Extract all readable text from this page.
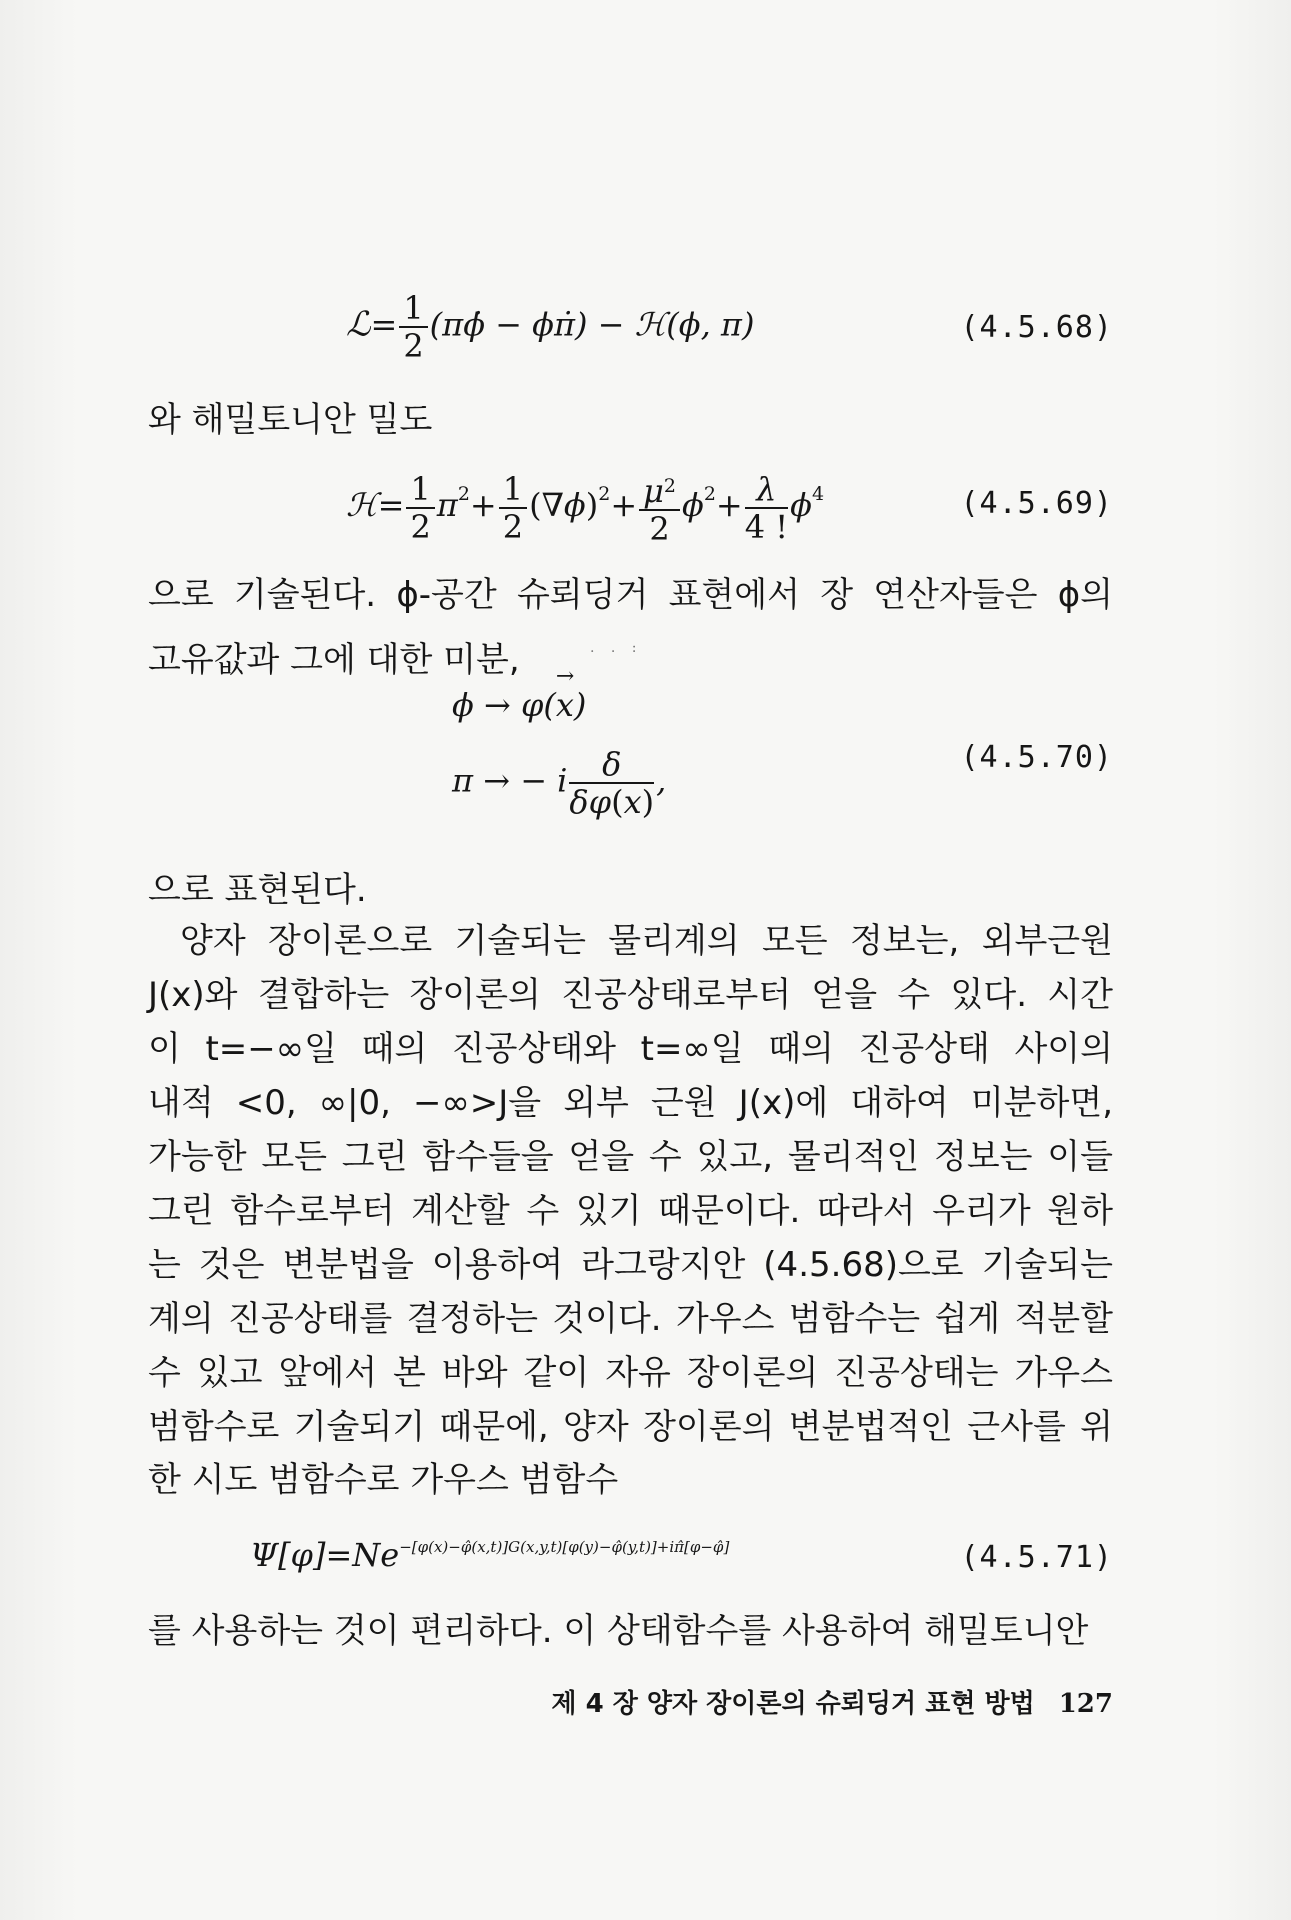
ℒ= $\frac{1}{2}$ (πϕ̇ − ϕπ̇) − ℋ(ϕ, π)	(4.5.68)
와 해밀토니안 밀도
ℋ= $\frac{1}{2} \pi^2+ \frac{1}{2} (\nabla\phi)^2+ \frac{\mu^2}{2} \phi^2+ \frac{\lambda}{4 !} \phi^4$	(4.5.69)
으로 기술된다. ϕ-공간 슈뢰딩거 표현에서 장 연산자들은 ϕ의
고유값과 그에 대한 미분,	. . :
ϕ → φ(x
→
)
π → − i $\frac{\delta}{\delta\varphi(x)}$ ,
(4.5.70)
으로 표현된다.
양자 장이론으로 기술되는 물리계의 모든 정보는, 외부근원
J(x)와 결합하는 장이론의 진공상태로부터 얻을 수 있다. 시간
이 t=−∞일 때의 진공상태와 t=∞일 때의 진공상태 사이의
내적 <0, ∞|0, −∞>J을 외부 근원 J(x)에 대하여 미분하면,
가능한 모든 그린 함수들을 얻을 수 있고, 물리적인 정보는 이들
그린 함수로부터 계산할 수 있기 때문이다. 따라서 우리가 원하
는 것은 변분법을 이용하여 라그랑지안 (4.5.68)으로 기술되는
계의 진공상태를 결정하는 것이다. 가우스 범함수는 쉽게 적분할
수 있고 앞에서 본 바와 같이 자유 장이론의 진공상태는 가우스
범함수로 기술되기 때문에, 양자 장이론의 변분법적인 근사를 위
한 시도 범함수로 가우스 범함수
$\Psi[\varphi]=Ne^{-[\varphi(x)-\varphî(x,t)]G(x,y,t)[\varphi(y)-\varphî(y,t)]+i\pî[\varphi-\varphî]}$	(4.5.71)
를 사용하는 것이 편리하다. 이 상태함수를 사용하여 해밀토니안
제 4 장 양자 장이론의 슈뢰딩거 표현 방법 127
